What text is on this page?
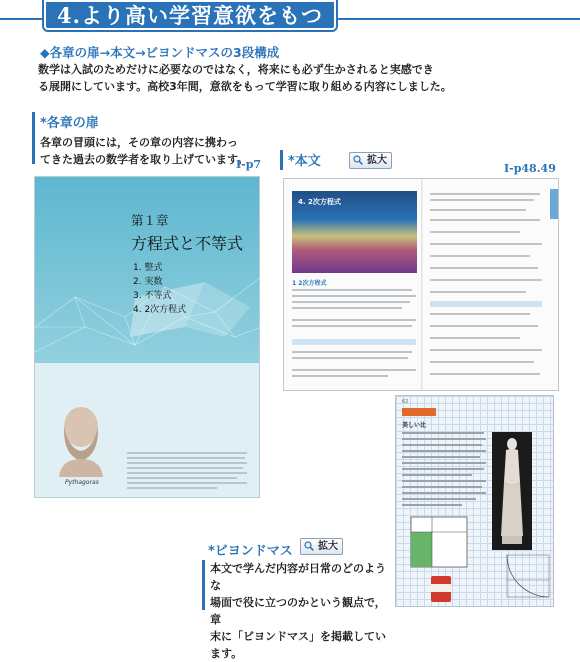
4.より高い学習意欲をもつ
◆各章の扉→本文→ビヨンドマスの3段構成
数学は入試のためだけに必要なのではなく，将来にも必ず生かされると実感でき
る展開にしています。高校3年間，意欲をもって学習に取り組める内容にしました。
*各章の扉
各章の冒頭には，その章の内容に携わっ
てきた過去の数学者を取り上げています。
I-p7 *本文	拡大
I-p48.49
第１章
方程式と不等式
1. 整式
2. 実数
3. 不等式
4. 2次方程式
Pythagoras
4. 2次方程式
1 2次方程式
62
美しい比
*ビヨンドマス	拡大
本文で学んだ内容が日常のどのような
場面で役に立つのかという観点で，章
末に「ビヨンドマス」を掲載しています。
